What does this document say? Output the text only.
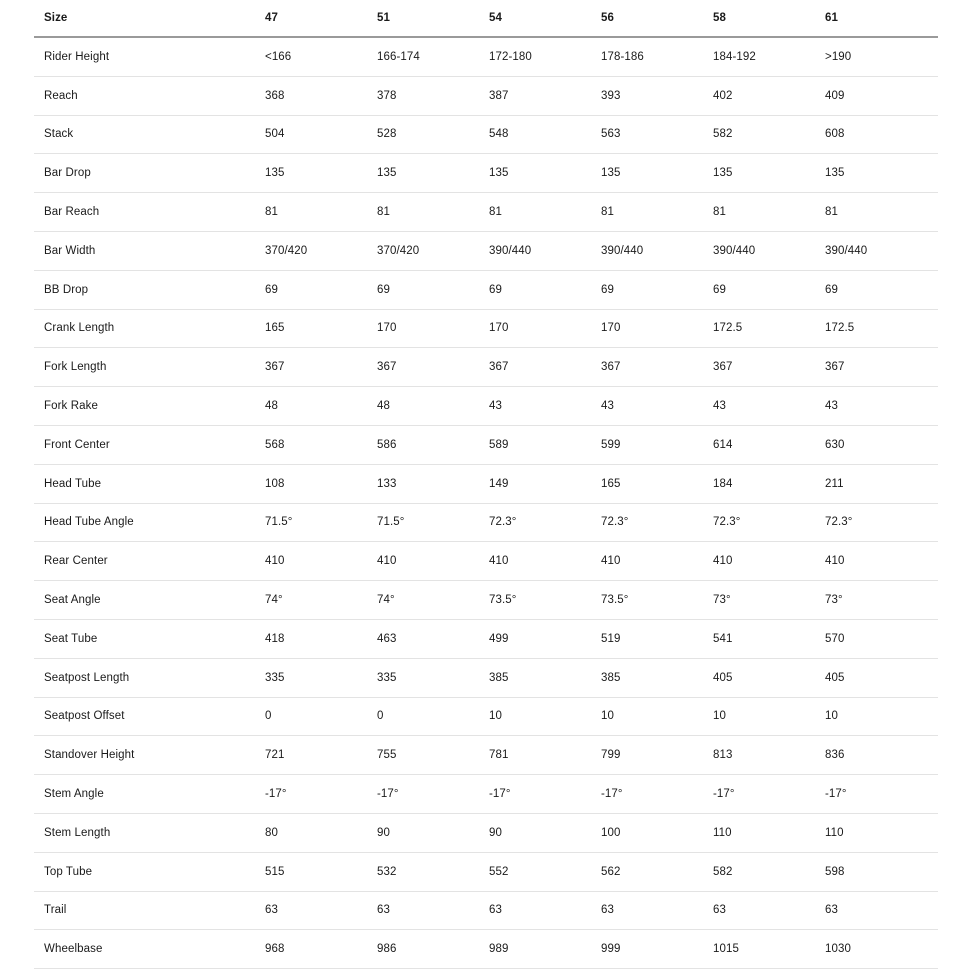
Size	47	51	54	56	58	61
Rider Height	<166	166-174	172-180	178-186	184-192	>190
Reach	368	378	387	393	402	409
Stack	504	528	548	563	582	608
Bar Drop	135	135	135	135	135	135
Bar Reach	81	81	81	81	81	81
Bar Width	370/420	370/420	390/440	390/440	390/440	390/440
BB Drop	69	69	69	69	69	69
Crank Length	165	170	170	170	172.5	172.5
Fork Length	367	367	367	367	367	367
Fork Rake	48	48	43	43	43	43
Front Center	568	586	589	599	614	630
Head Tube	108	133	149	165	184	211
Head Tube Angle	71.5°	71.5°	72.3°	72.3°	72.3°	72.3°
Rear Center	410	410	410	410	410	410
Seat Angle	74°	74°	73.5°	73.5°	73°	73°
Seat Tube	418	463	499	519	541	570
Seatpost Length	335	335	385	385	405	405
Seatpost Offset	0	0	10	10	10	10
Standover Height	721	755	781	799	813	836
Stem Angle	-17°	-17°	-17°	-17°	-17°	-17°
Stem Length	80	90	90	100	110	110
Top Tube	515	532	552	562	582	598
Trail	63	63	63	63	63	63
Wheelbase	968	986	989	999	1015	1030
